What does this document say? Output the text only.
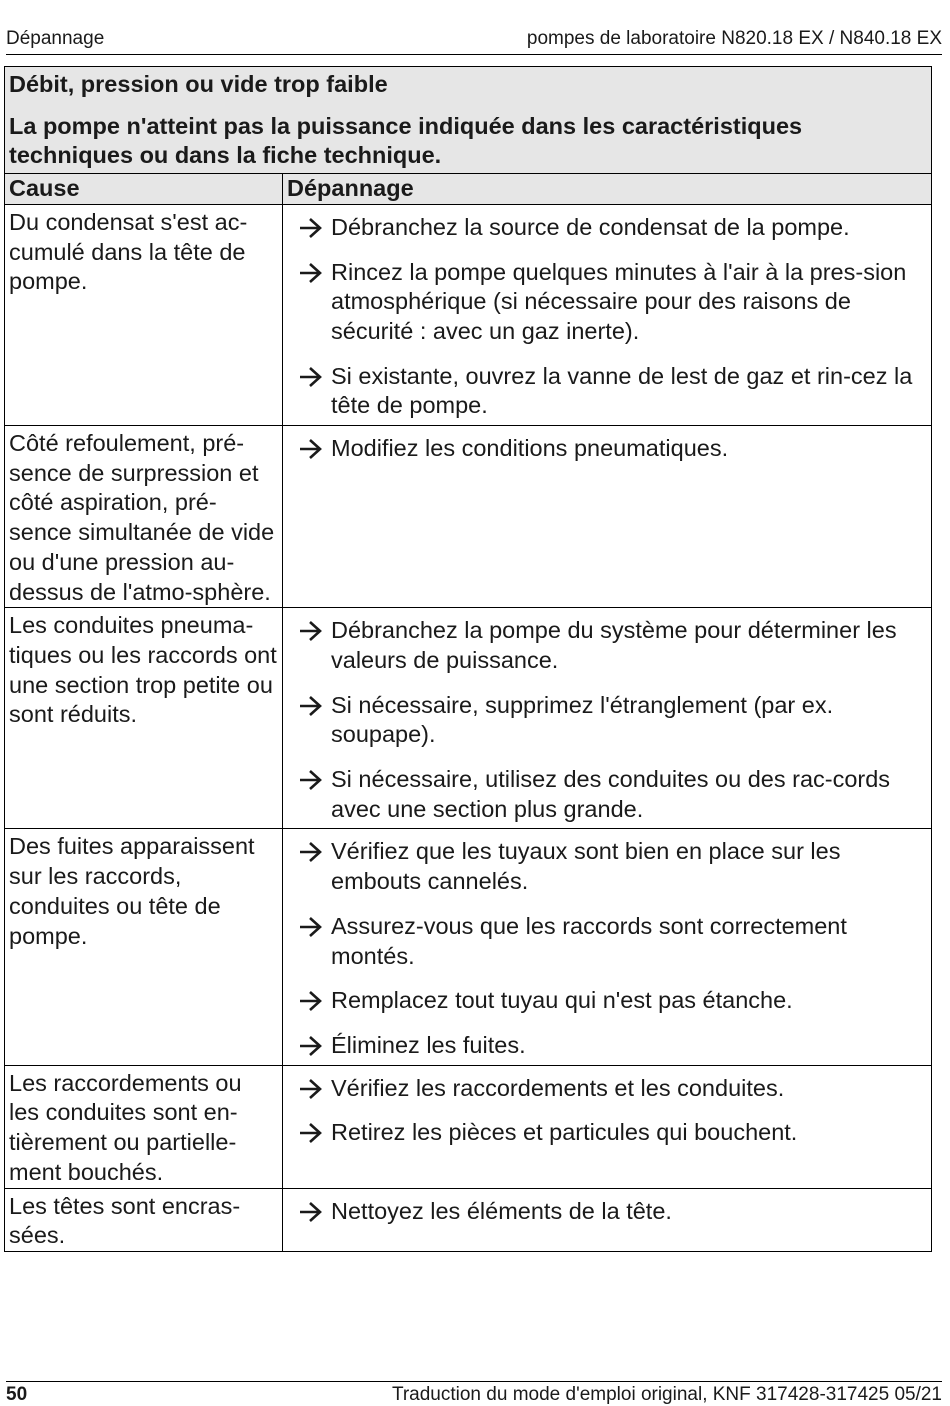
Dépannage	pompes de laboratoire N820.18 EX / N840.18 EX
Débit, pression ou vide trop faible
La pompe n'atteint pas la puissance indiquée dans les caractéristiques techniques ou dans la fiche technique.	

Cause	Dépannage
Du condensat s'est ac-cumulé dans la tête de pompe.	Débranchez la source de condensat de la pompe.
Rincez la pompe quelques minutes à l'air à la pres-sion atmosphérique (si nécessaire pour des raisons de sécurité : avec un gaz inerte).
Si existante, ouvrez la vanne de lest de gaz et rin-cez la tête de pompe.

Côté refoulement, pré-sence de surpression et côté aspiration, pré-sence simultanée de vide ou d'une pression au-dessus de l'atmo-sphère.	Modifiez les conditions pneumatiques.

Les conduites pneuma-tiques ou les raccords ont une section trop petite ou sont réduits.	Débranchez la pompe du système pour déterminer les valeurs de puissance.
Si nécessaire, supprimez l'étranglement (par ex. soupape).
Si nécessaire, utilisez des conduites ou des rac-cords avec une section plus grande.

Des fuites apparaissent sur les raccords, conduites ou tête de pompe.	Vérifiez que les tuyaux sont bien en place sur les embouts cannelés.
Assurez-vous que les raccords sont correctement montés.
Remplacez tout tuyau qui n'est pas étanche.
Éliminez les fuites.

Les raccordements ou les conduites sont en-tièrement ou partielle-ment bouchés.	Vérifiez les raccordements et les conduites.
Retirez les pièces et particules qui bouchent.

Les têtes sont encras-sées.	Nettoyez les éléments de la tête.
50	Traduction du mode d'emploi original, KNF 317428-317425 05/21
